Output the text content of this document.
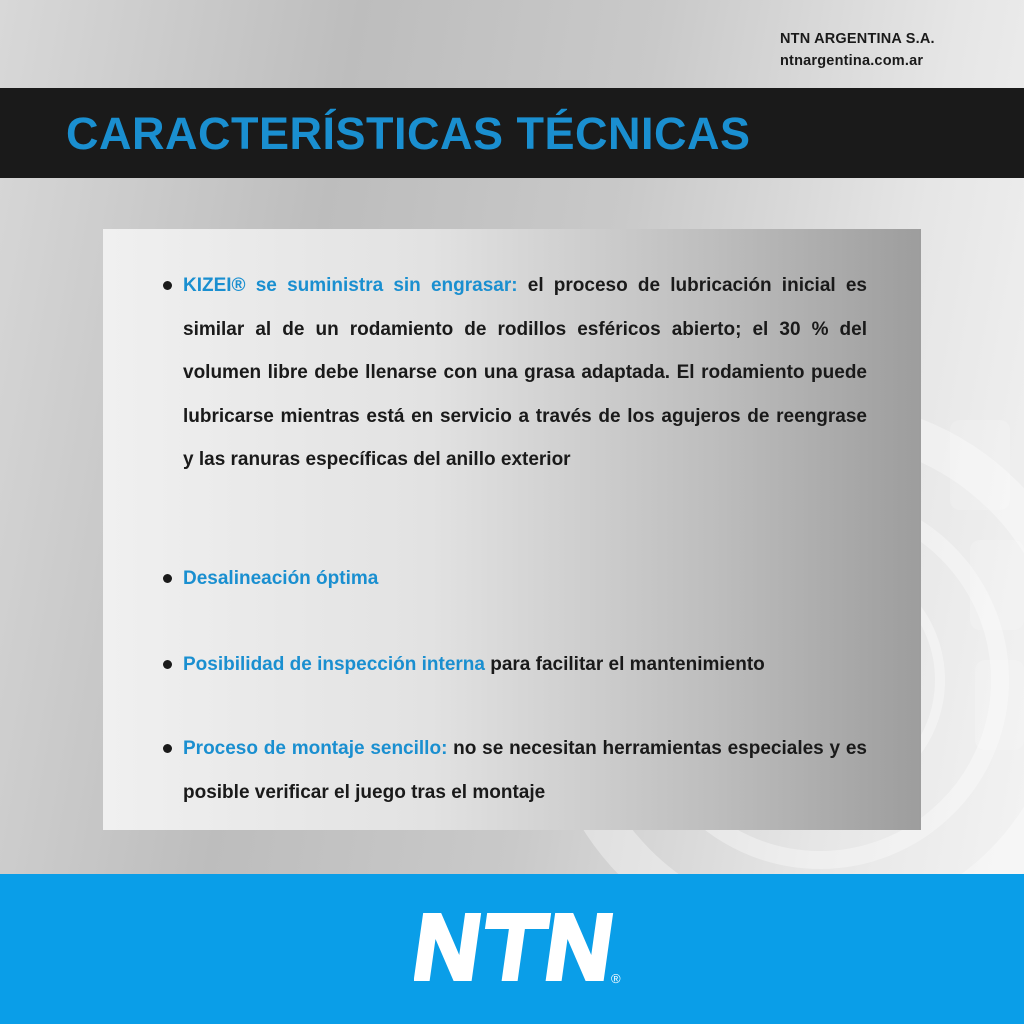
NTN ARGENTINA S.A.
ntnargentina.com.ar
CARACTERÍSTICAS TÉCNICAS

KIZEI® se suministra sin engrasar: el proceso de lubricación inicial es similar al de un rodamiento de rodillos esféricos abierto; el 30 % del volumen libre debe llenarse con una grasa adaptada. El rodamiento puede lubricarse mientras está en servicio a través de los agujeros de reengrase y las ranuras específicas del anillo exterior

Desalineación óptima

Posibilidad de inspección interna para facilitar el mantenimiento

Proceso de montaje sencillo: no se necesitan herramientas especiales y es posible verificar el juego tras el montaje

®
